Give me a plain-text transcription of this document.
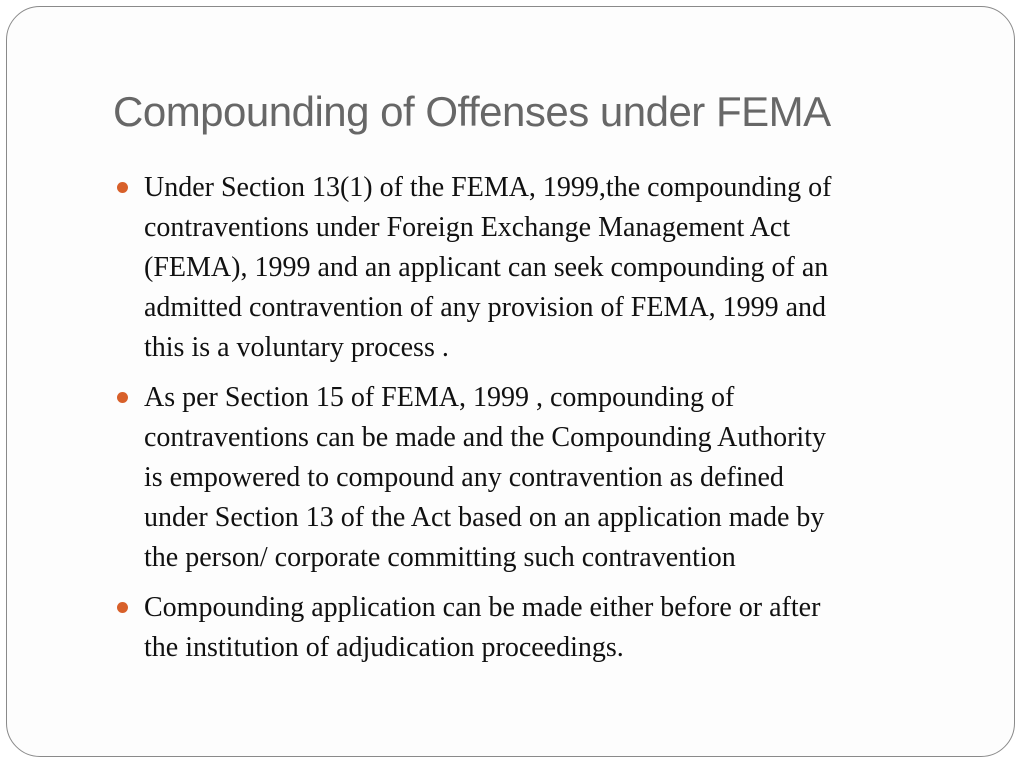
Compounding of Offenses under FEMA
Under Section 13(1) of the FEMA, 1999,the compounding of
contraventions under Foreign Exchange Management Act
(FEMA), 1999 and an applicant can seek compounding of an
admitted contravention of any provision of FEMA, 1999 and
this is a voluntary process .
As per Section 15 of FEMA, 1999 , compounding of
contraventions can be made and the Compounding Authority
is empowered to compound any contravention as defined
under Section 13 of the Act based on an application made by
the person/ corporate committing such contravention
Compounding application can be made either before or after
the institution of adjudication proceedings.
